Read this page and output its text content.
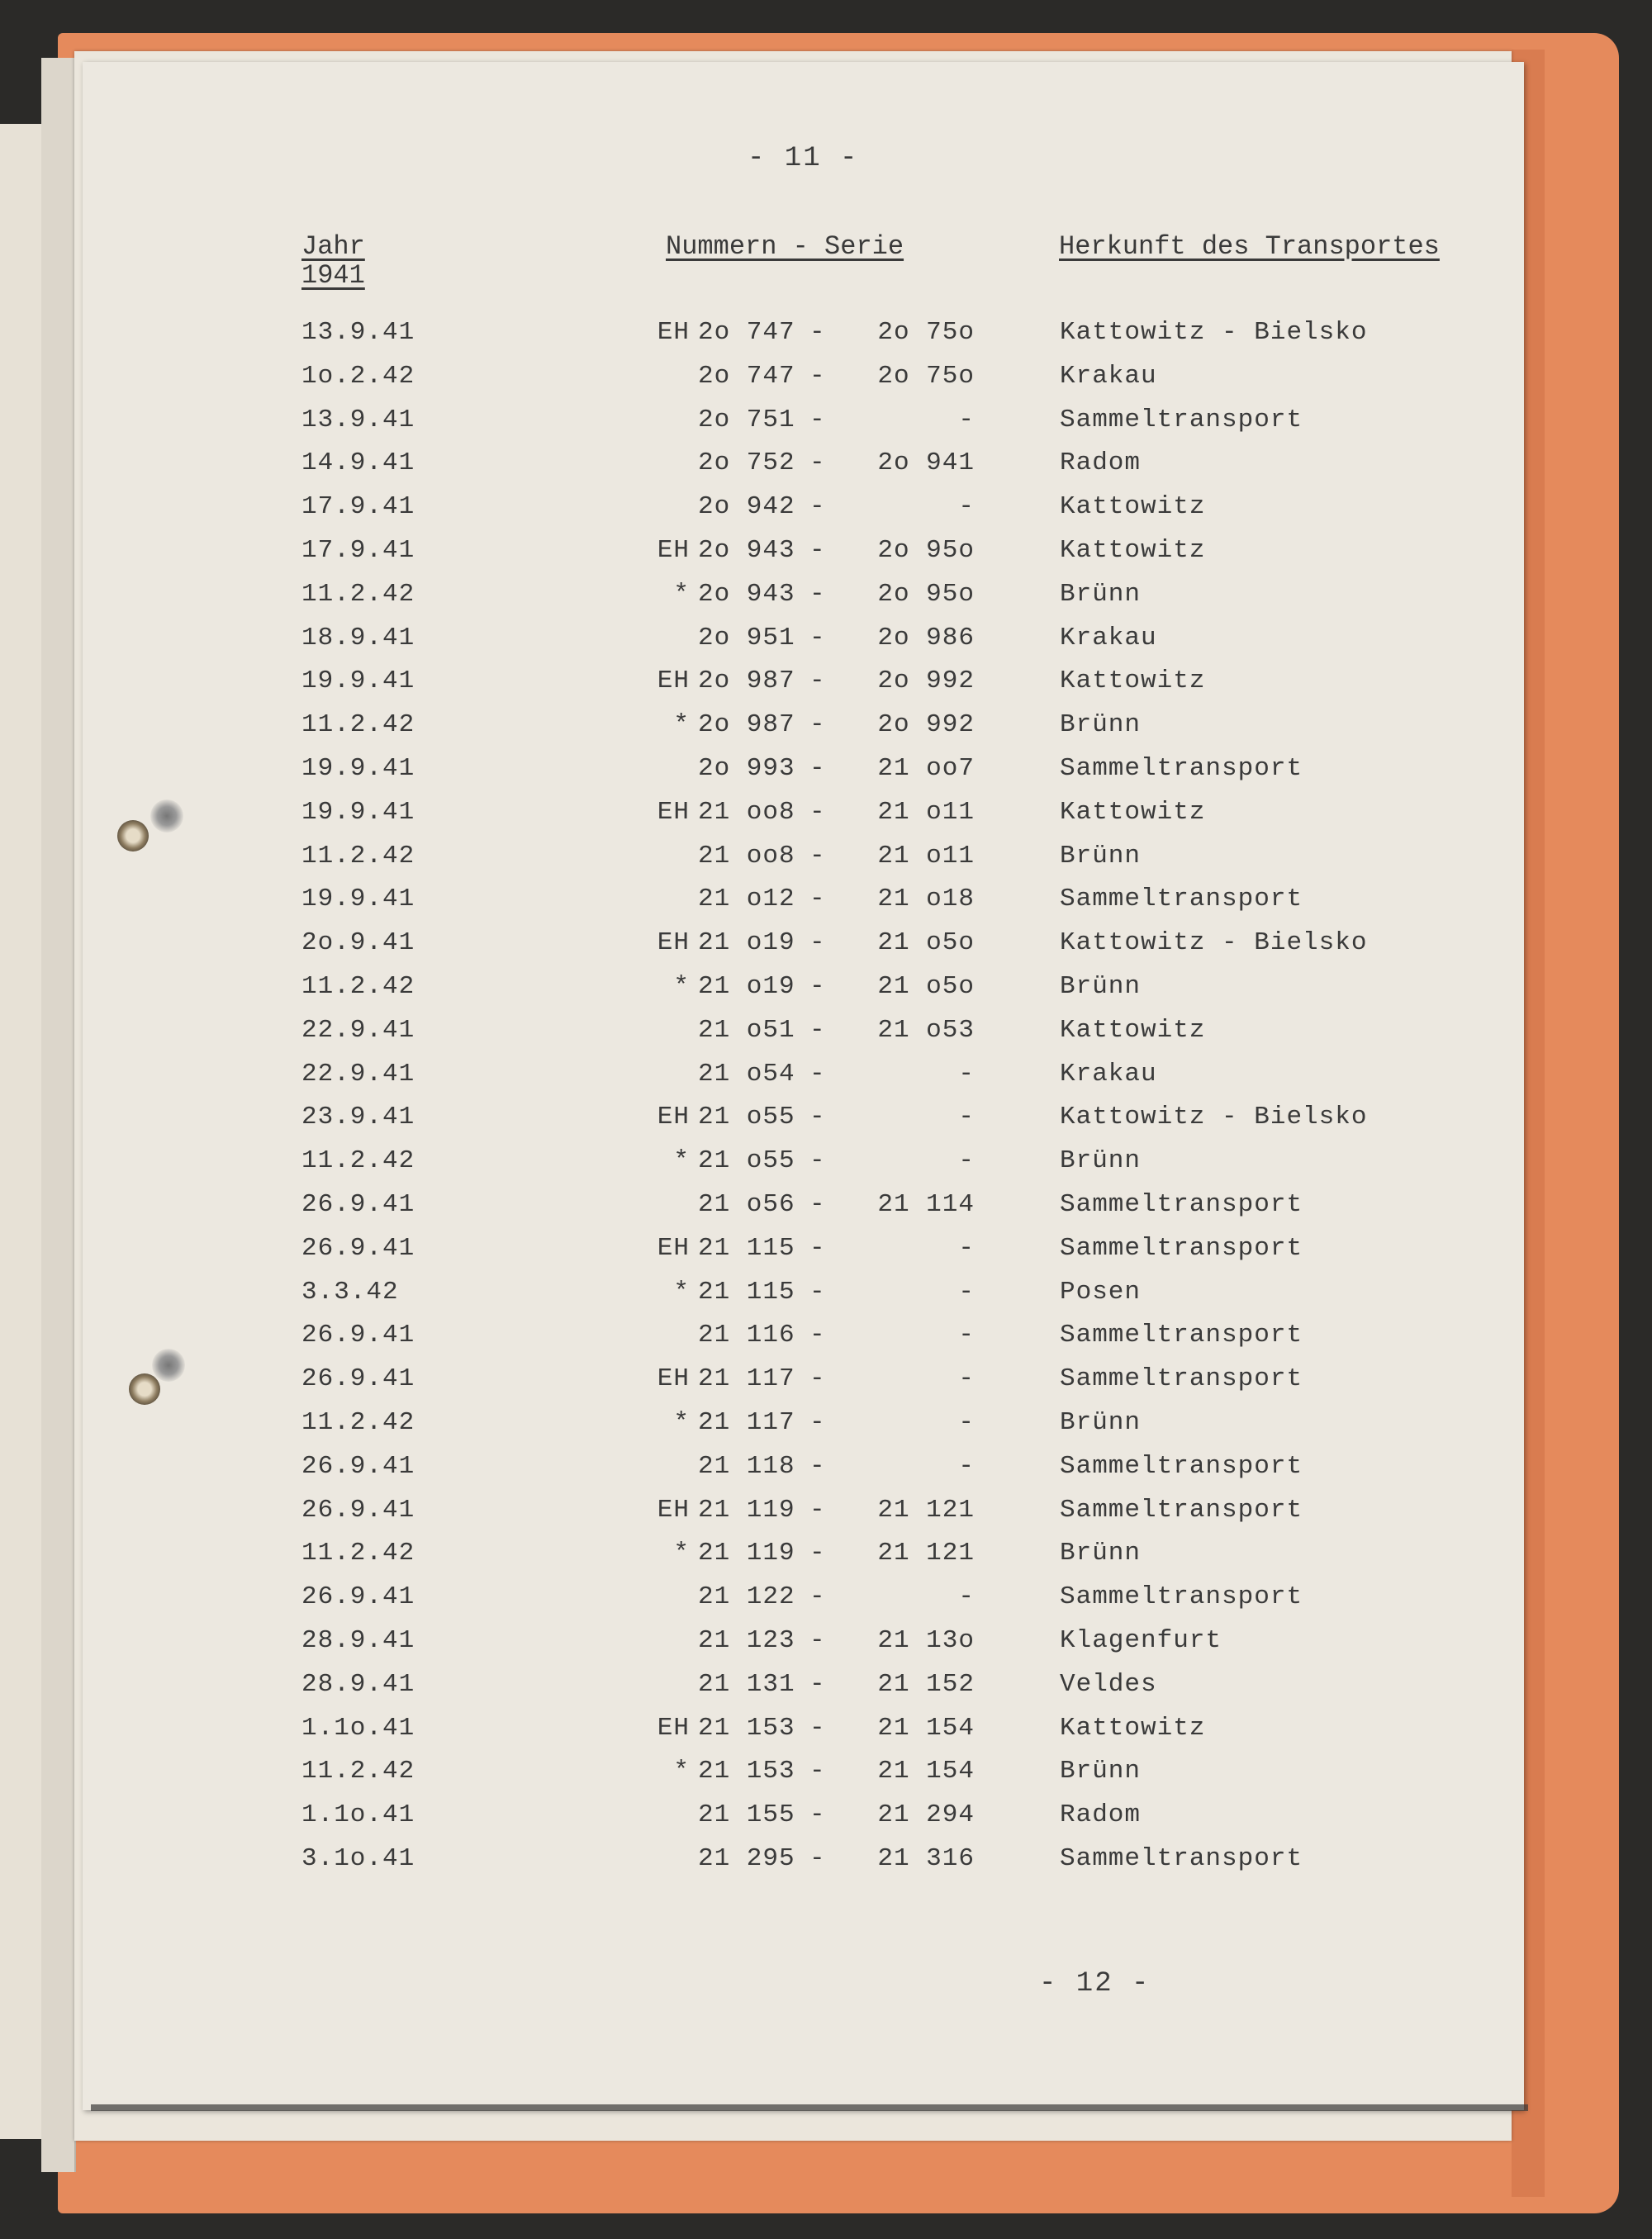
- 11 -
Jahr
1941
Nummern - Serie	Herkunft des Transportes
13.9.41	EH 2o 747	2o 75o	Kattowitz - Bielsko
-
1o.2.42	2o 747	2o 75o	Krakau
-
13.9.41	2o 751	-	Sammeltransport
-
14.9.41	2o 752	2o 941	Radom
-
17.9.41	2o 942	-	Kattowitz
-
17.9.41	EH 2o 943	2o 95o	Kattowitz
-
11.2.42	* 2o 943	2o 95o	Brünn
-
18.9.41	2o 951	2o 986	Krakau
-
19.9.41	EH 2o 987	2o 992	Kattowitz
-
11.2.42	* 2o 987	2o 992	Brünn
-
19.9.41	2o 993	21 oo7	Sammeltransport
-
19.9.41	EH 21 oo8	21 o11	Kattowitz
-
11.2.42	21 oo8	21 o11	Brünn
-
19.9.41	21 o12	21 o18	Sammeltransport
-
2o.9.41	EH 21 o19	21 o5o	Kattowitz - Bielsko
-
11.2.42	* 21 o19	21 o5o	Brünn
-
22.9.41	21 o51	21 o53	Kattowitz
-
22.9.41	21 o54	-	Krakau
-
23.9.41	EH 21 o55	-	Kattowitz - Bielsko
-
11.2.42	* 21 o55	-	Brünn
-
26.9.41	21 o56	21 114	Sammeltransport
-
26.9.41	EH 21 115	-	Sammeltransport
-
3.3.42	* 21 115	-	Posen
-
26.9.41	21 116	-	Sammeltransport
-
26.9.41	EH 21 117	-	Sammeltransport
-
11.2.42	* 21 117	-	Brünn
-
26.9.41	21 118	-	Sammeltransport
-
26.9.41	EH 21 119	21 121	Sammeltransport
-
11.2.42	* 21 119	21 121	Brünn
-
26.9.41	21 122	-	Sammeltransport
-
28.9.41	21 123	21 13o	Klagenfurt
-
28.9.41	21 131	21 152	Veldes
-
1.1o.41	EH 21 153	21 154	Kattowitz
-
11.2.42	* 21 153	21 154	Brünn
-
1.1o.41	21 155	21 294	Radom
-
3.1o.41	21 295	21 316	Sammeltransport
-
- 12 -
